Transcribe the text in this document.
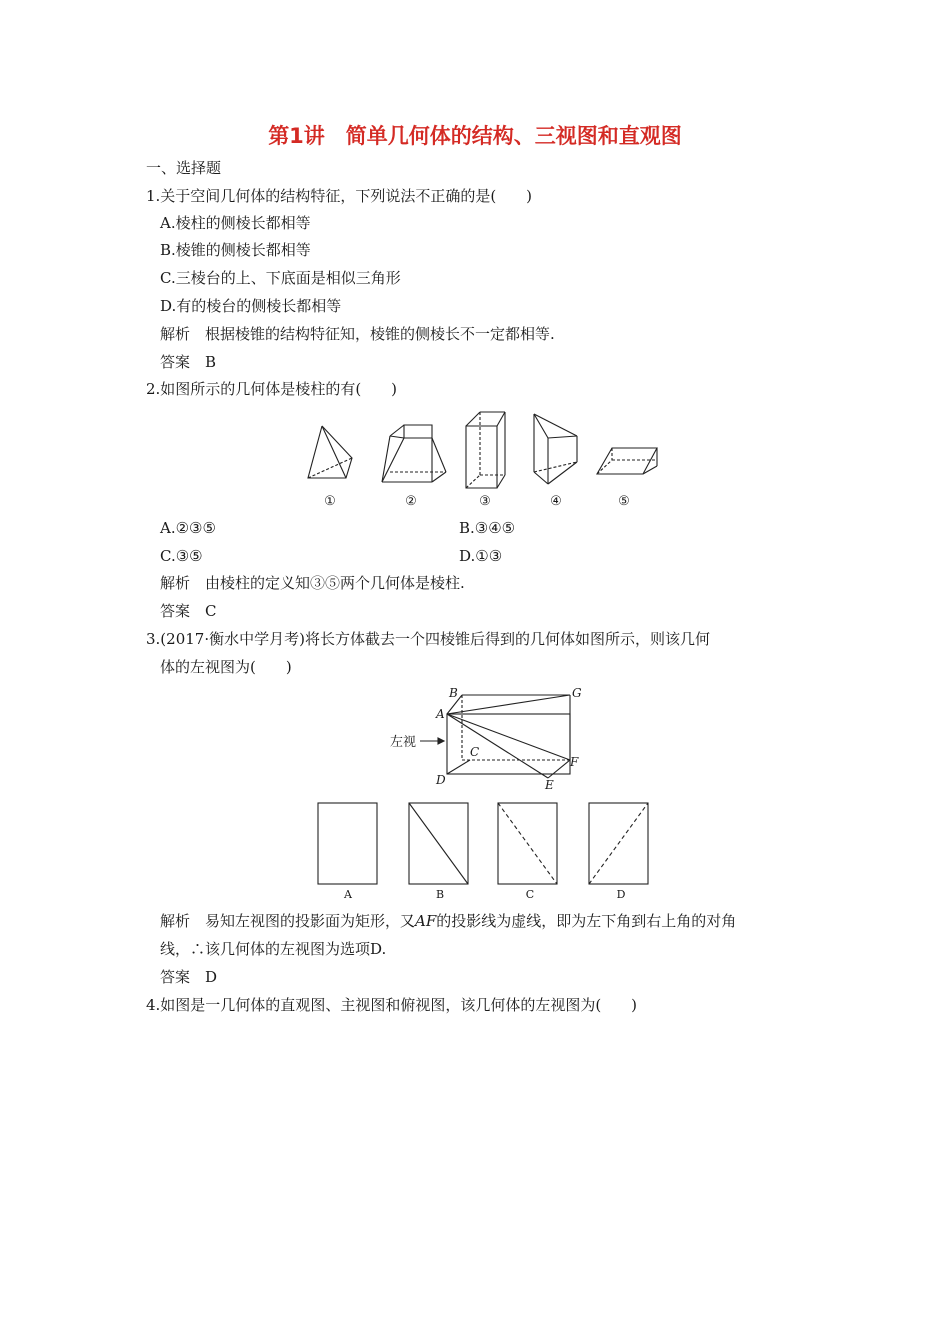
第1讲　简单几何体的结构、三视图和直观图
一、选择题
1.关于空间几何体的结构特征，下列说法不正确的是(　　)
A.棱柱的侧棱长都相等
B.棱锥的侧棱长都相等
C.三棱台的上、下底面是相似三角形
D.有的棱台的侧棱长都相等
解析　根据棱锥的结构特征知，棱锥的侧棱长不一定都相等.
答案　B
2.如图所示的几何体是棱柱的有(　　)
①	②	③	④	⑤
A.②③⑤	B.③④⑤
C.③⑤	D.①③
解析　由棱柱的定义知③⑤两个几何体是棱柱.
答案　C
3.(2017·衡水中学月考)将长方体截去一个四棱锥后得到的几何体如图所示，则该几何
体的左视图为(　　)
左视
B	G
A
C
F
D	E
A	B	C	D
解析　易知左视图的投影面为矩形，又AF的投影线为虚线，即为左下角到右上角的对角
线，∴该几何体的左视图为选项D.
答案　D
4.如图是一几何体的直观图、主视图和俯视图，该几何体的左视图为(　　)
